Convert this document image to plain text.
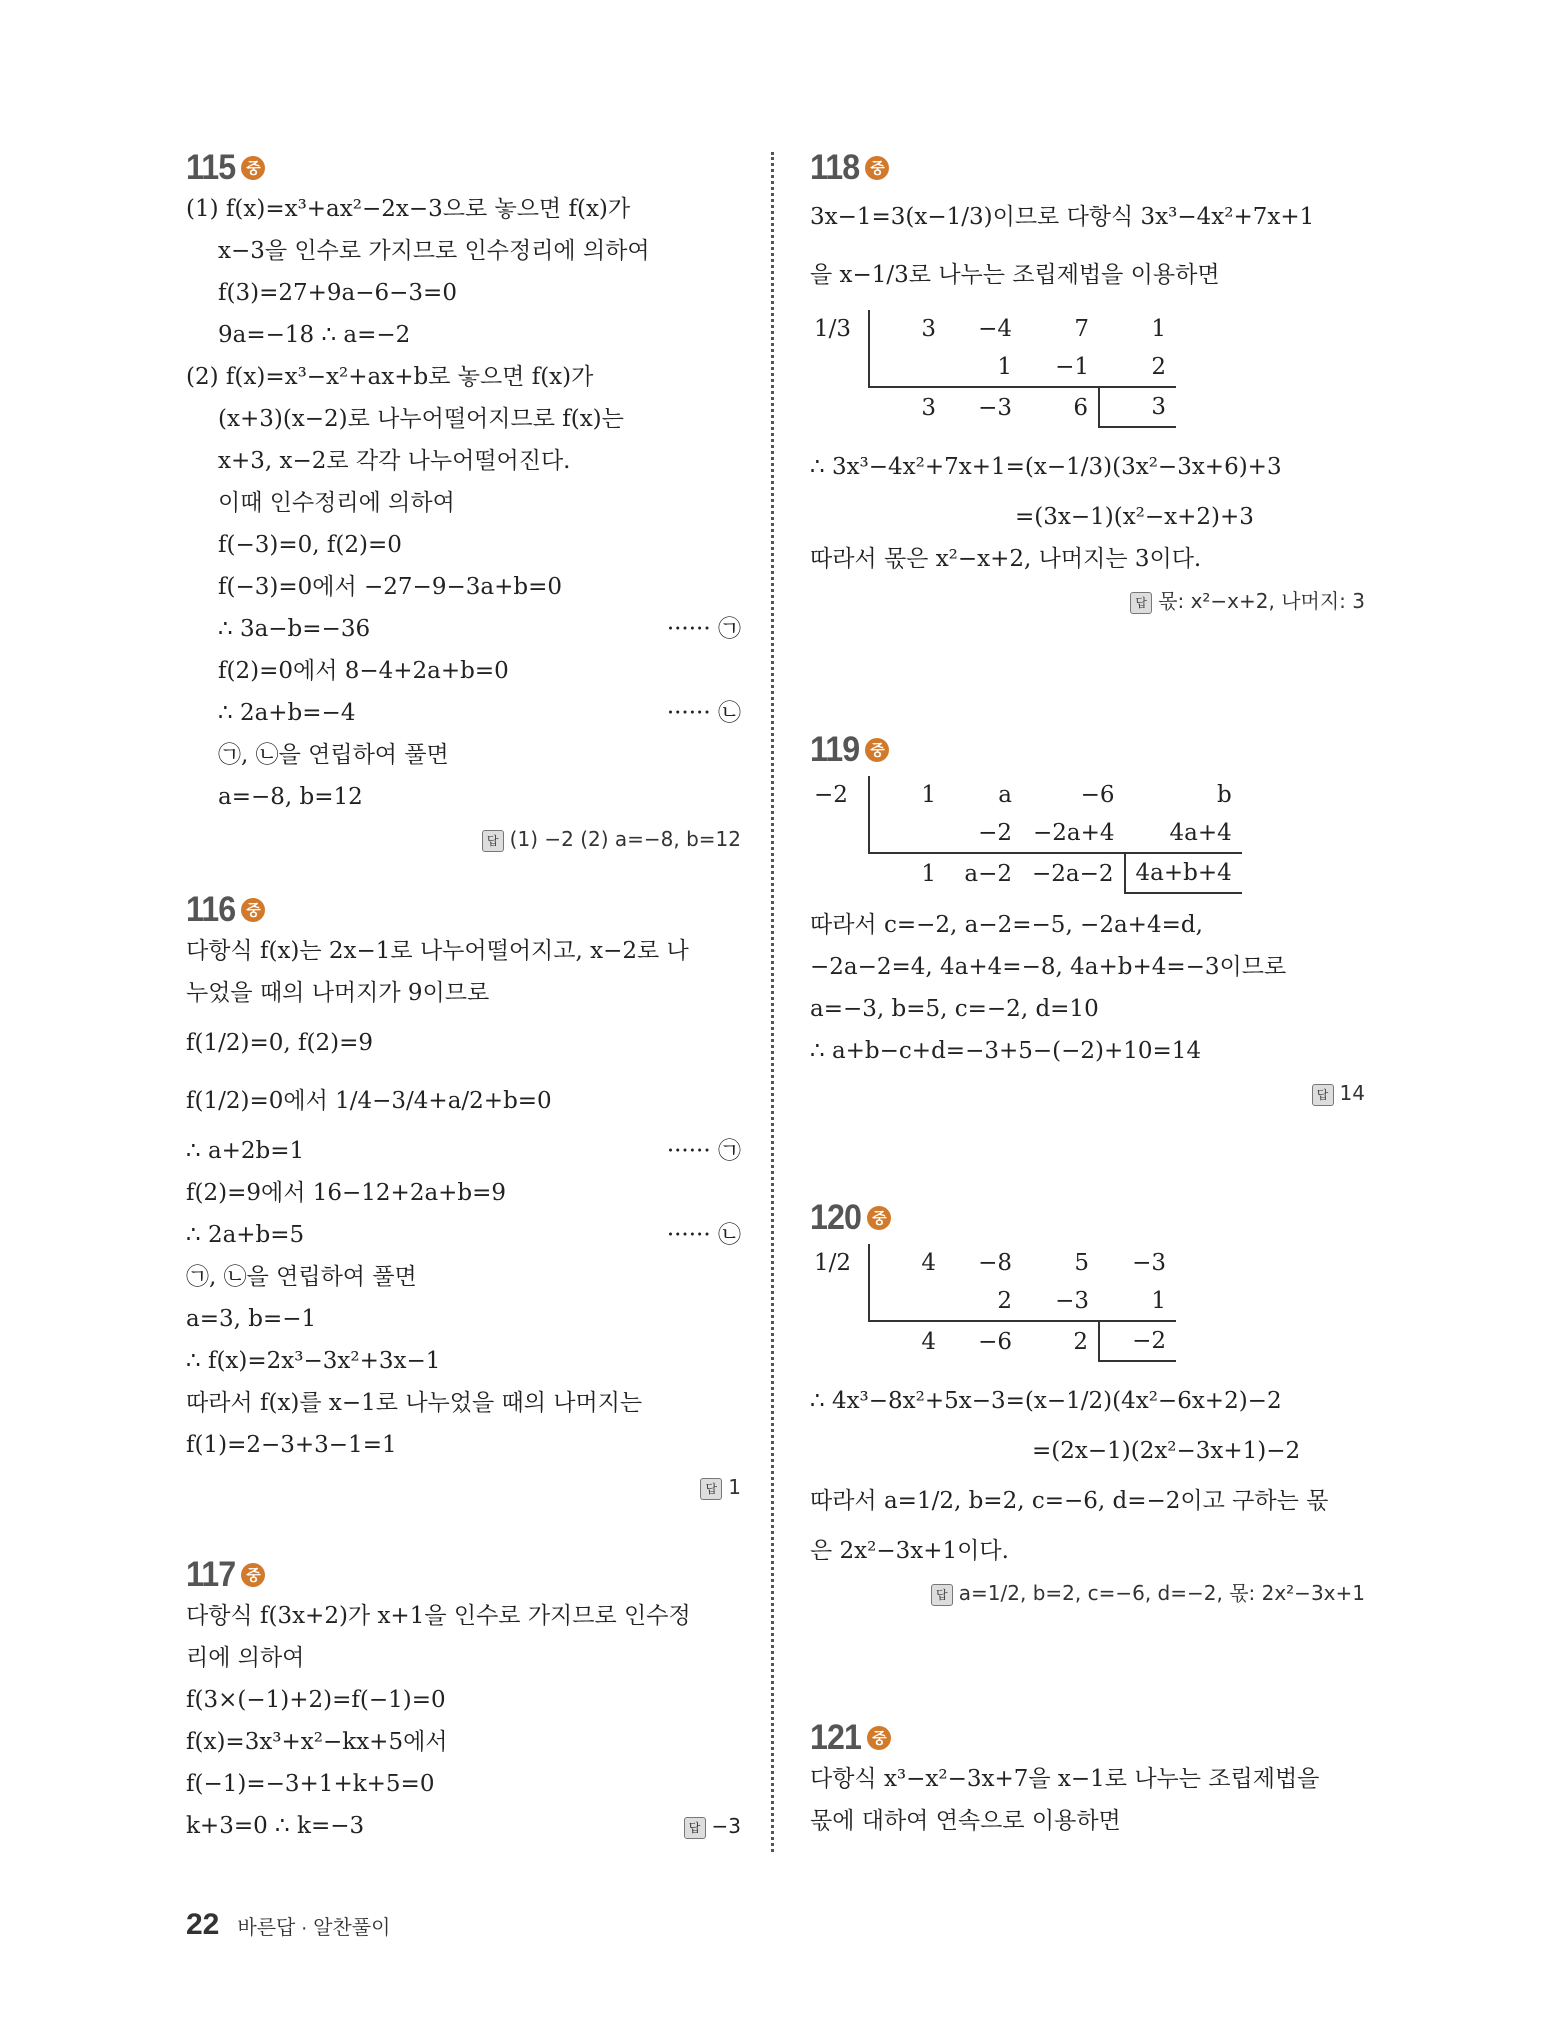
115 중
(1) f(x)=x³+ax²−2x−3으로 놓으면 f(x)가
x−3을 인수로 가지므로 인수정리에 의하여
f(3)=27+9a−6−3=0
9a=−18 ∴ a=−2
(2) f(x)=x³−x²+ax+b로 놓으면 f(x)가
(x+3)(x−2)로 나누어떨어지므로 f(x)는
x+3, x−2로 각각 나누어떨어진다.
이때 인수정리에 의하여
f(−3)=0, f(2)=0
f(−3)=0에서 −27−9−3a+b=0
∴ 3a−b=−36	······ ㉠
f(2)=0에서 8−4+2a+b=0
∴ 2a+b=−4	······ ㉡
㉠, ㉡을 연립하여 풀면
a=−8, b=12
답 (1) −2 (2) a=−8, b=12
116 중
다항식 f(x)는 2x−1로 나누어떨어지고, x−2로 나
누었을 때의 나머지가 9이므로
f(1/2)=0, f(2)=9
f(1/2)=0에서 1/4−3/4+a/2+b=0
∴ a+2b=1	······ ㉠
f(2)=9에서 16−12+2a+b=9
∴ 2a+b=5	······ ㉡
㉠, ㉡을 연립하여 풀면
a=3, b=−1
∴ f(x)=2x³−3x²+3x−1
따라서 f(x)를 x−1로 나누었을 때의 나머지는
f(1)=2−3+3−1=1
답 1
117 중
다항식 f(3x+2)가 x+1을 인수로 가지므로 인수정
리에 의하여
f(3×(−1)+2)=f(−1)=0
f(x)=3x³+x²−kx+5에서
f(−1)=−3+1+k+5=0
k+3=0 ∴ k=−3	답 −3
118 중
3x−1=3(x−1/3)이므로 다항식 3x³−4x²+7x+1
을 x−1/3로 나누는 조립제법을 이용하면
1/3	3	−4	7	1
		1	−1	2
	3	−3	6	3
∴ 3x³−4x²+7x+1=(x−1/3)(3x²−3x+6)+3
=(3x−1)(x²−x+2)+3
따라서 몫은 x²−x+2, 나머지는 3이다.
답 몫: x²−x+2, 나머지: 3
119 중
−2	1	a	−6	b
		−2	−2a+4	4a+4
	1	a−2	−2a−2	4a+b+4
따라서 c=−2, a−2=−5, −2a+4=d,
−2a−2=4, 4a+4=−8, 4a+b+4=−3이므로
a=−3, b=5, c=−2, d=10
∴ a+b−c+d=−3+5−(−2)+10=14
답 14
120 중
1/2	4	−8	5	−3
		2	−3	1
	4	−6	2	−2
∴ 4x³−8x²+5x−3=(x−1/2)(4x²−6x+2)−2
=(2x−1)(2x²−3x+1)−2
따라서 a=1/2, b=2, c=−6, d=−2이고 구하는 몫
은 2x²−3x+1이다.
답 a=1/2, b=2, c=−6, d=−2, 몫: 2x²−3x+1
121 중
다항식 x³−x²−3x+7을 x−1로 나누는 조립제법을
몫에 대하여 연속으로 이용하면
22 바른답 · 알찬풀이
